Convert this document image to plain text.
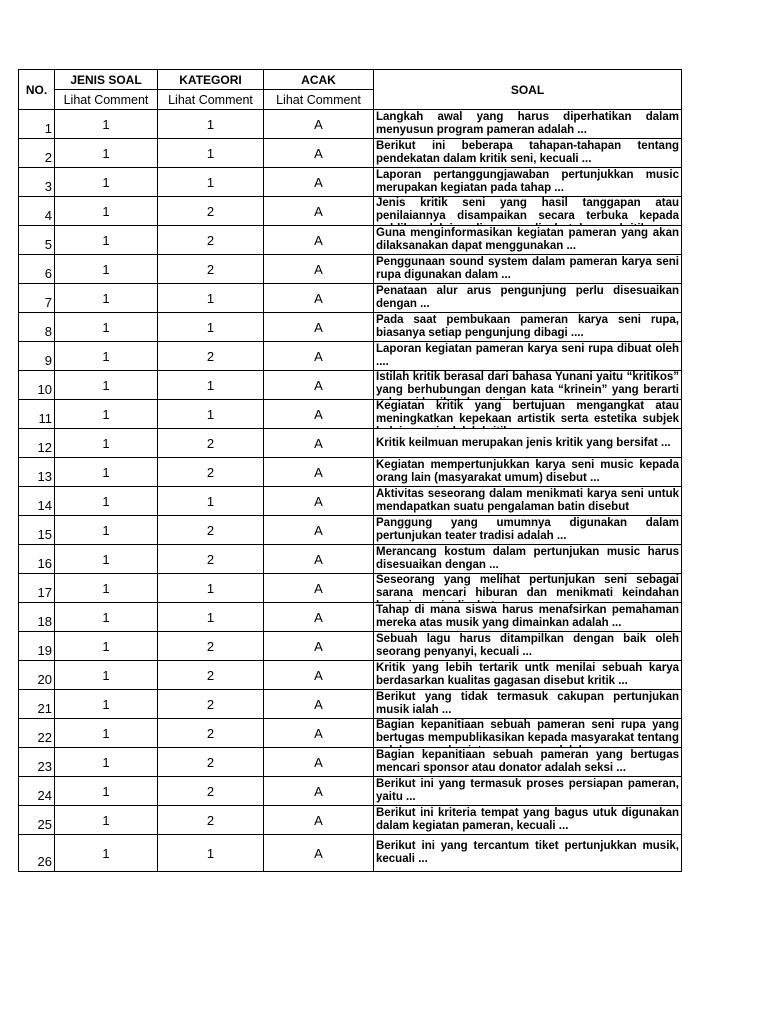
NO.	JENIS SOAL	KATEGORI	ACAK	SOAL
	Lihat Comment	Lihat Comment	Lihat Comment	
1	1	1	A	Langkah awal yang harus diperhatikan dalam menyusun program pameran adalah ...

2	1	1	A	Berikut ini beberapa tahapan-tahapan tentang pendekatan dalam kritik seni, kecuali ...

3	1	1	A	Laporan pertanggungjawaban pertunjukkan music merupakan kegiatan pada tahap ...

4	1	2	A	Jenis kritik seni yang hasil tanggapan atau penilaiannya disampaikan secara terbuka kepada

5	1	2	A	Guna menginformasikan kegiatan pameran yang akan dilaksanakan dapat menggunakan ...

6	1	2	A	Penggunaan sound system dalam pameran karya seni rupa digunakan dalam ...

7	1	1	A	Penataan alur arus pengunjung perlu disesuaikan dengan ...

8	1	1	A	Pada saat pembukaan pameran karya seni rupa, biasanya setiap pengunjung dibagi ....

9	1	2	A	Laporan kegiatan pameran karya seni rupa dibuat oleh ....

10	1	1	A	Istilah kritik berasal dari bahasa Yunani yaitu “kritikos” yang berhubungan dengan kata “krinein” yang berarti

11	1	1	A	Kegiatan kritik yang bertujuan mengangkat atau meningkatkan kepekaan artistik serta estetika subjek

12	1	2	A	Kritik keilmuan merupakan jenis kritik yang bersifat ...

13	1	2	A	Kegiatan mempertunjukkan karya seni music kepada orang lain (masyarakat umum) disebut ...

14	1	1	A	Aktivitas seseorang dalam menikmati karya seni untuk mendapatkan suatu pengalaman batin disebut

15	1	2	A	Panggung yang umumnya digunakan dalam pertunjukan teater tradisi adalah ...

16	1	2	A	Merancang kostum dalam pertunjukan music harus disesuaikan dengan ...

17	1	1	A	Seseorang yang melihat pertunjukan seni sebagai sarana mencari hiburan dan menikmati keindahan

18	1	1	A	Tahap di mana siswa harus menafsirkan pemahaman mereka atas musik yang dimainkan adalah ...

19	1	2	A	Sebuah lagu harus ditampilkan dengan baik oleh seorang penyanyi, kecuali ...

20	1	2	A	Kritik yang lebih tertarik untk menilai sebuah karya berdasarkan kualitas gagasan disebut kritik ...

21	1	2	A	Berikut yang tidak termasuk cakupan pertunjukan musik ialah ...

22	1	2	A	Bagian kepanitiaan sebuah pameran seni rupa yang bertugas mempublikasikan kepada masyarakat tentang

23	1	2	A	Bagian kepanitiaan sebuah pameran yang bertugas mencari sponsor atau donator adalah seksi ...

24	1	2	A	Berikut ini yang termasuk proses persiapan pameran, yaitu ...

25	1	2	A	Berikut ini kriteria tempat yang bagus utuk digunakan dalam kegiatan pameran, kecuali ...

26	1	1	A	Berikut ini yang tercantum tiket pertunjukkan musik, kecuali ...
